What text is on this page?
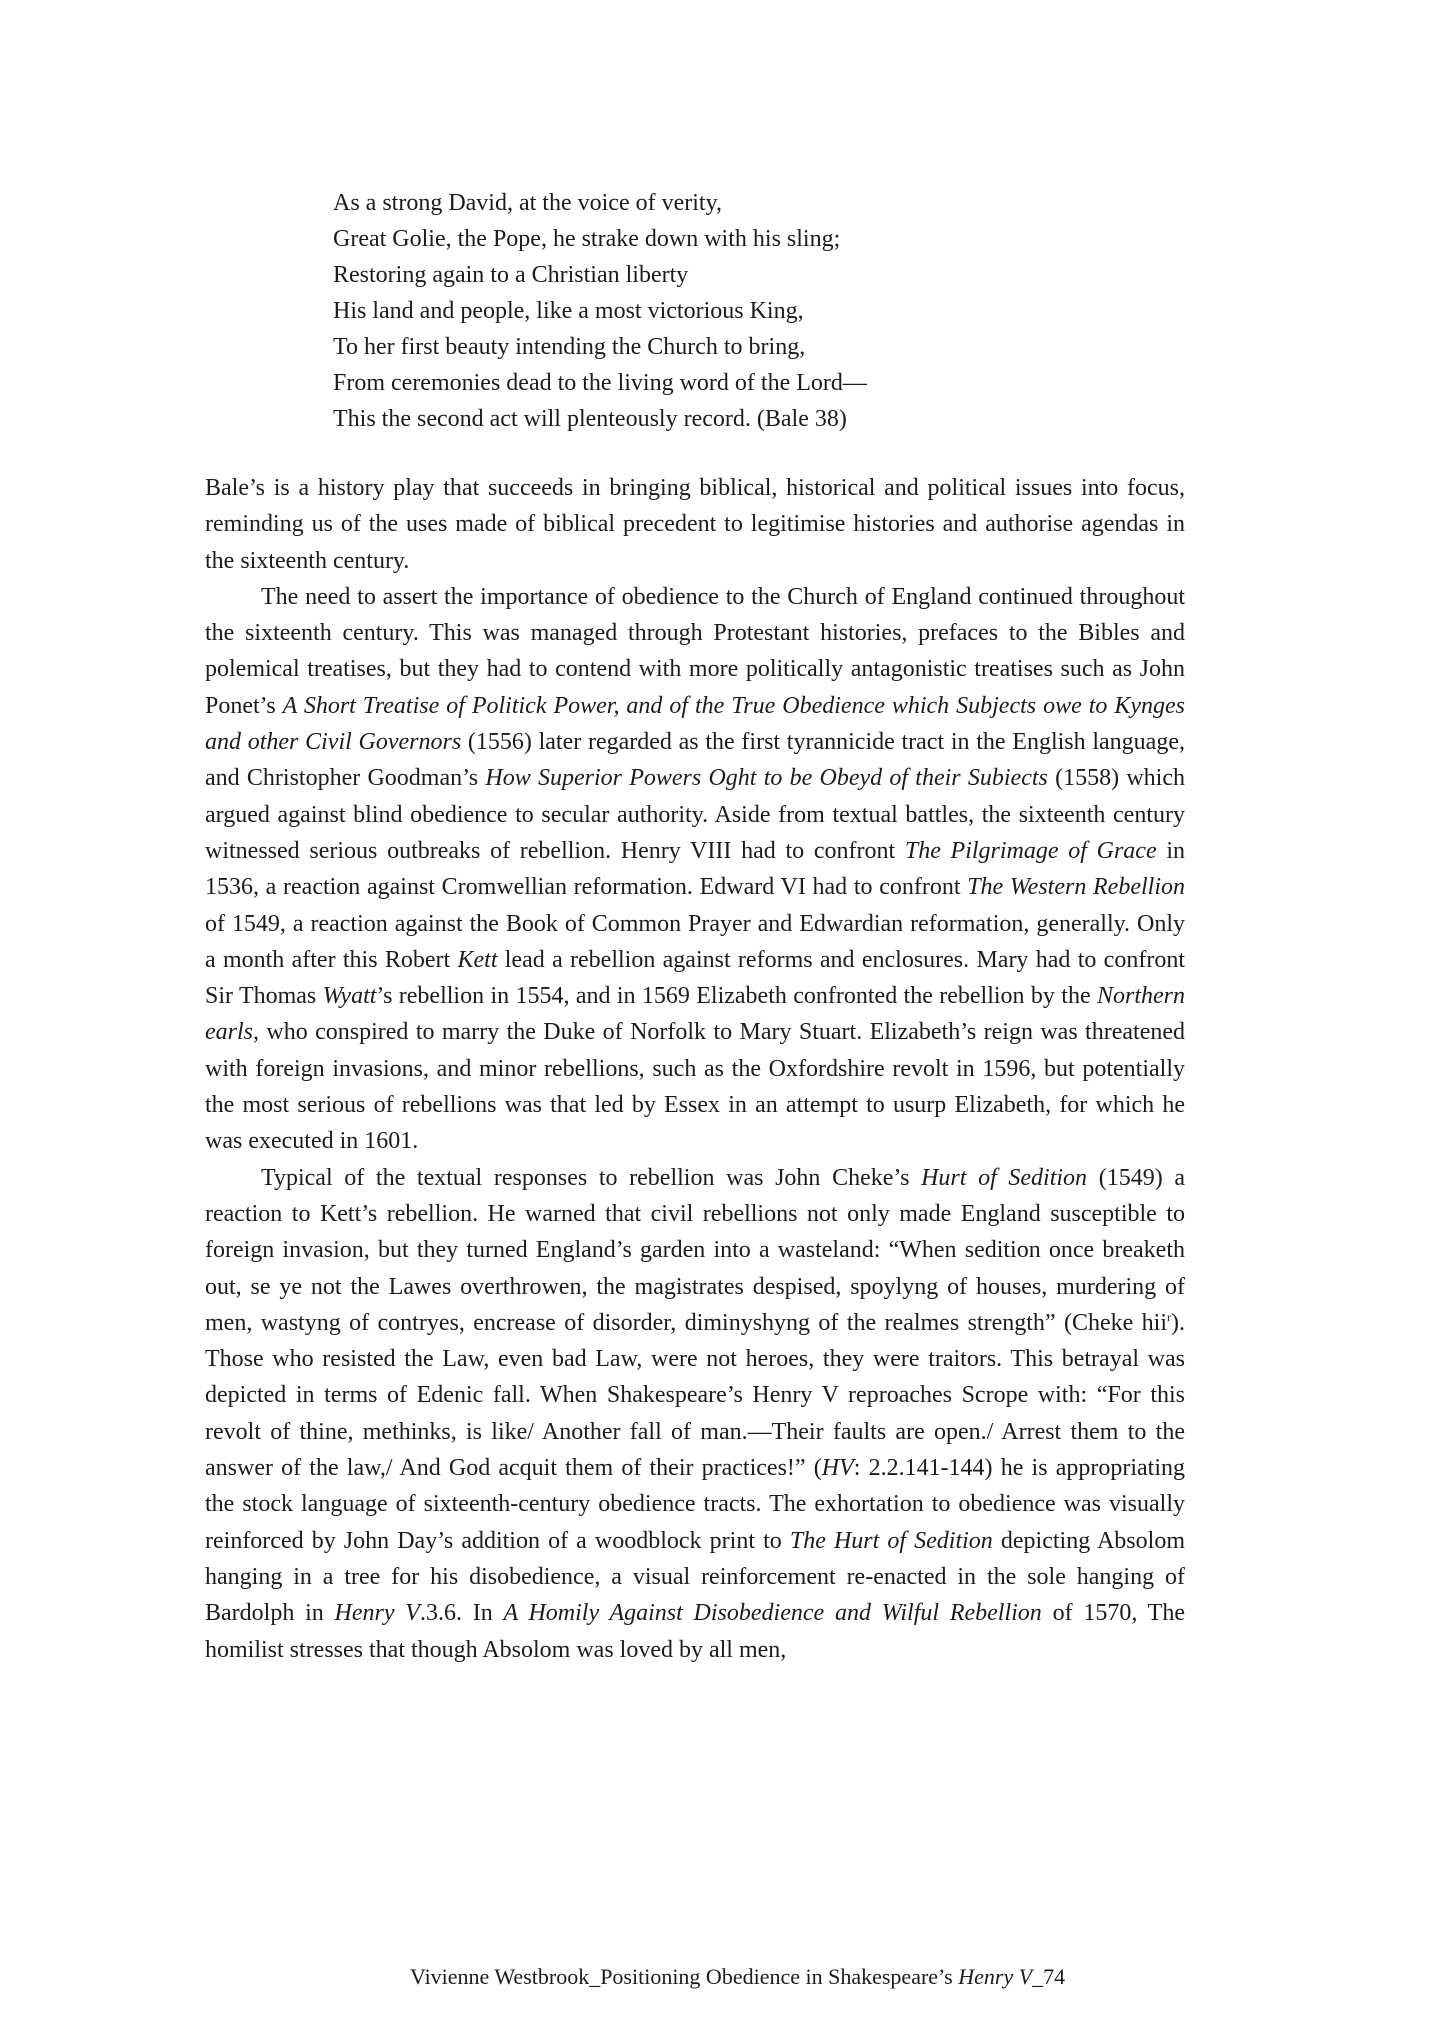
As a strong David, at the voice of verity,
Great Golie, the Pope, he strake down with his sling;
Restoring again to a Christian liberty
His land and people, like a most victorious King,
To her first beauty intending the Church to bring,
From ceremonies dead to the living word of the Lord—
This the second act will plenteously record. (Bale 38)

Bale’s is a history play that succeeds in bringing biblical, historical and political issues into focus, reminding us of the uses made of biblical precedent to legitimise histories and authorise agendas in the sixteenth century.

The need to assert the importance of obedience to the Church of England continued throughout the sixteenth century. This was managed through Protestant histories, prefaces to the Bibles and polemical treatises, but they had to contend with more politically antagonistic treatises such as John Ponet’s A Short Treatise of Politick Power, and of the True Obedience which Subjects owe to Kynges and other Civil Governors (1556) later regarded as the first tyrannicide tract in the English language, and Christopher Goodman’s How Superior Powers Oght to be Obeyd of their Subiects (1558) which argued against blind obedience to secular authority. Aside from textual battles, the sixteenth century witnessed serious outbreaks of rebellion. Henry VIII had to confront The Pilgrimage of Grace in 1536, a reaction against Cromwellian reformation. Edward VI had to confront The Western Rebellion of 1549, a reaction against the Book of Common Prayer and Edwardian reformation, generally. Only a month after this Robert Kett lead a rebellion against reforms and enclosures. Mary had to confront Sir Thomas Wyatt’s rebellion in 1554, and in 1569 Elizabeth confronted the rebellion by the Northern earls, who conspired to marry the Duke of Norfolk to Mary Stuart. Elizabeth’s reign was threatened with foreign invasions, and minor rebellions, such as the Oxfordshire revolt in 1596, but potentially the most serious of rebellions was that led by Essex in an attempt to usurp Elizabeth, for which he was executed in 1601.

Typical of the textual responses to rebellion was John Cheke’s Hurt of Sedition (1549) a reaction to Kett’s rebellion. He warned that civil rebellions not only made England susceptible to foreign invasion, but they turned England’s garden into a wasteland: “When sedition once breaketh out, se ye not the Lawes overthrowen, the magistrates despised, spoylyng of houses, murdering of men, wastyng of contryes, encrease of disorder, diminyshyng of the realmes strength” (Cheke hii$^r$). Those who resisted the Law, even bad Law, were not heroes, they were traitors. This betrayal was depicted in terms of Edenic fall. When Shakespeare’s Henry V reproaches Scrope with: “For this revolt of thine, methinks, is like/ Another fall of man.—Their faults are open./ Arrest them to the answer of the law,/ And God acquit them of their practices!” (HV: 2.2.141-144) he is appropriating the stock language of sixteenth-century obedience tracts. The exhortation to obedience was visually reinforced by John Day’s addition of a woodblock print to The Hurt of Sedition depicting Absolom hanging in a tree for his disobedience, a visual reinforcement re-enacted in the sole hanging of Bardolph in Henry V.3.6. In A Homily Against Disobedience and Wilful Rebellion of 1570, The homilist stresses that though Absolom was loved by all men,

Vivienne Westbrook_Positioning Obedience in Shakespeare’s Henry V_74
